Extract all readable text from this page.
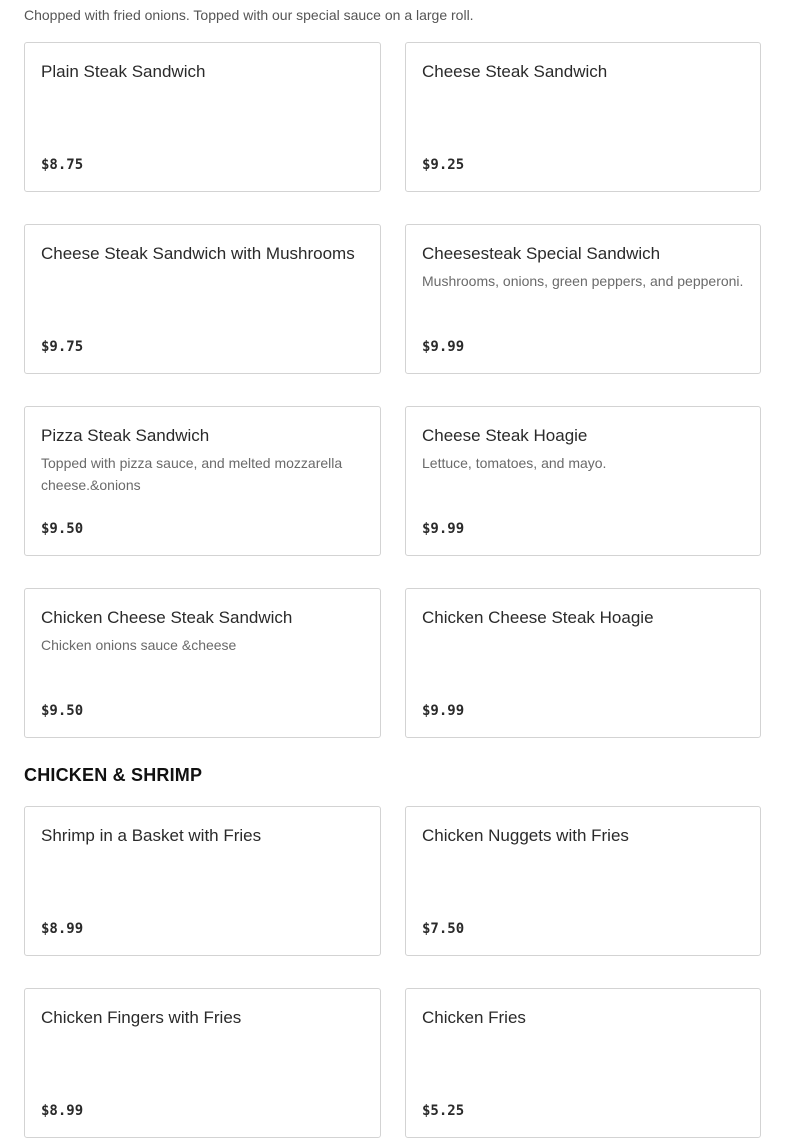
Chopped with fried onions. Topped with our special sauce on a large roll.

Plain Steak Sandwich

$8.75

Cheese Steak Sandwich

$9.25

Cheese Steak Sandwich with Mushrooms

$9.75

Cheesesteak Special Sandwich

Mushrooms, onions, green peppers, and pepperoni.

$9.99

Pizza Steak Sandwich

Topped with pizza sauce, and melted mozzarella cheese.&onions

$9.50

Cheese Steak Hoagie

Lettuce, tomatoes, and mayo.

$9.99

Chicken Cheese Steak Sandwich

Chicken onions sauce &cheese

$9.50

Chicken Cheese Steak Hoagie

$9.99
CHICKEN & SHRIMP

Shrimp in a Basket with Fries

$8.99

Chicken Nuggets with Fries

$7.50

Chicken Fingers with Fries

$8.99

Chicken Fries

$5.25
